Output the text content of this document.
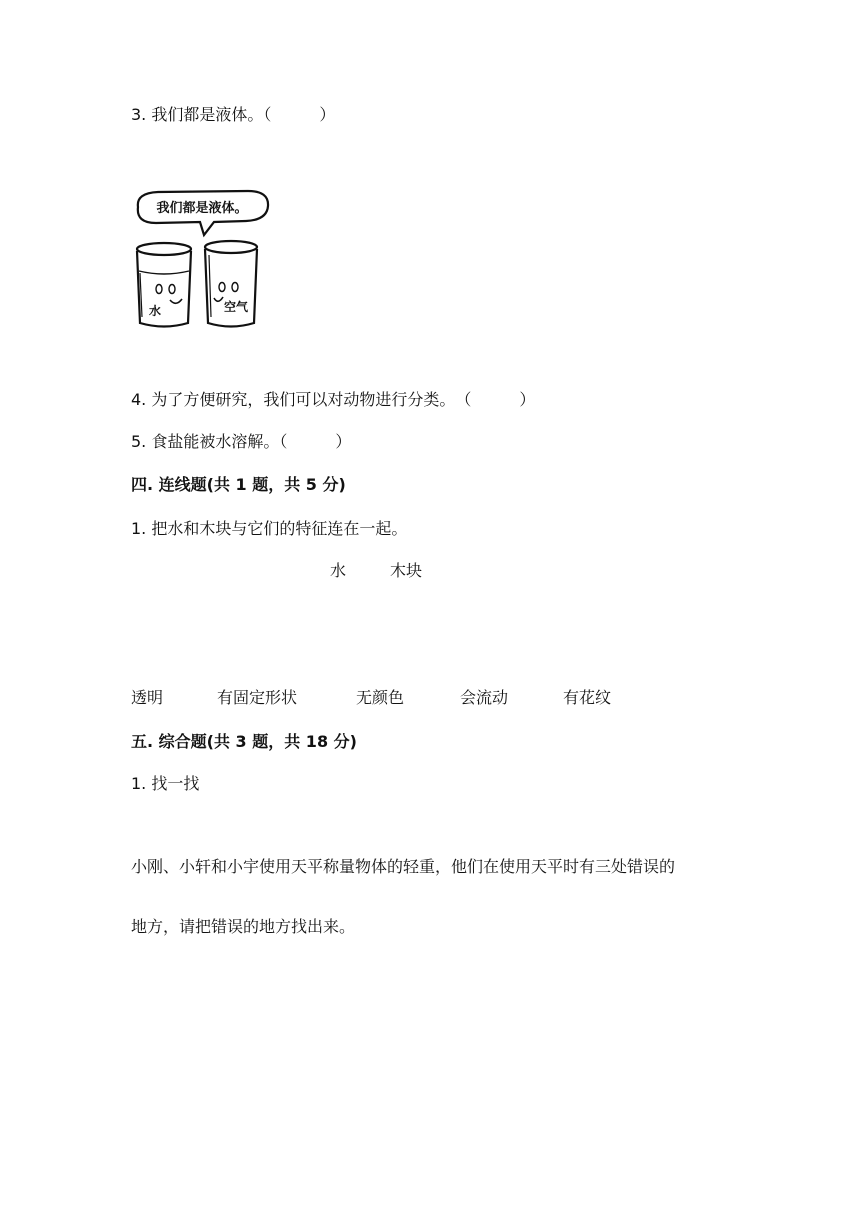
3. 我们都是液体。（　　　）
我们都是液体。
水	空气
4. 为了方便研究，我们可以对动物进行分类。　（　　　）
5. 食盐能被水溶解。（　　　）
四. 连线题(共 1 题，共 5 分)
1. 把水和木块与它们的特征连在一起。
水	木块
透明	有固定形状	无颜色	会流动	有花纹
五. 综合题(共 3 题，共 18 分)
1. 找一找
小刚、小轩和小宇使用天平称量物体的轻重，他们在使用天平时有三处错误的
地方，请把错误的地方找出来。
